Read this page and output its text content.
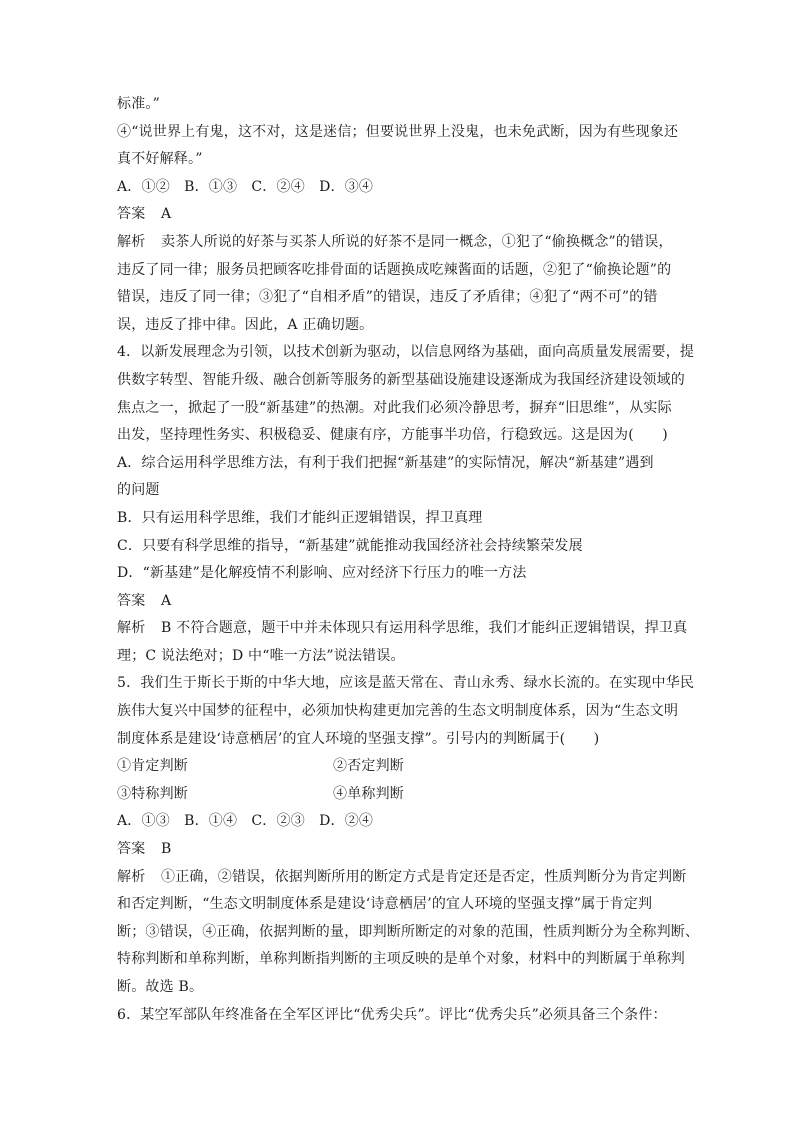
标准。”
④“说世界上有鬼，这不对，这是迷信；但要说世界上没鬼，也未免武断，因为有些现象还
真不好解释。”
A．①②　B．①③　C．②④　D．③④
答案 A
解析 卖茶人所说的好茶与买茶人所说的好茶不是同一概念，①犯了“偷换概念”的错误，
违反了同一律；服务员把顾客吃排骨面的话题换成吃辣酱面的话题，②犯了“偷换论题”的
错误，违反了同一律；③犯了“自相矛盾”的错误，违反了矛盾律；④犯了“两不可”的错
误，违反了排中律。因此，A 正确切题。
4．以新发展理念为引领，以技术创新为驱动，以信息网络为基础，面向高质量发展需要，提
供数字转型、智能升级、融合创新等服务的新型基础设施建设逐渐成为我国经济建设领域的
焦点之一，掀起了一股“新基建”的热潮。对此我们必须冷静思考，摒弃“旧思维”，从实际
出发，坚持理性务实、积极稳妥、健康有序，方能事半功倍，行稳致远。这是因为(　　)
A．综合运用科学思维方法，有利于我们把握“新基建”的实际情况，解决“新基建”遇到
的问题
B．只有运用科学思维，我们才能纠正逻辑错误，捍卫真理
C．只要有科学思维的指导，“新基建”就能推动我国经济社会持续繁荣发展
D．“新基建”是化解疫情不利影响、应对经济下行压力的唯一方法
答案 A
解析 B 不符合题意，题干中并未体现只有运用科学思维，我们才能纠正逻辑错误，捍卫真
理；C 说法绝对；D 中“唯一方法”说法错误。
5．我们生于斯长于斯的中华大地，应该是蓝天常在、青山永秀、绿水长流的。在实现中华民
族伟大复兴中国梦的征程中，必须加快构建更加完善的生态文明制度体系，因为“生态文明
制度体系是建设‘诗意栖居’的宜人环境的坚强支撑”。引号内的判断属于(　　)
①肯定判断	②否定判断
③特称判断	④单称判断
A．①③　B．①④　C．②③　D．②④
答案 B
解析 ①正确，②错误，依据判断所用的断定方式是肯定还是否定，性质判断分为肯定判断
和否定判断，“生态文明制度体系是建设‘诗意栖居’的宜人环境的坚强支撑”属于肯定判
断；③错误，④正确，依据判断的量，即判断所断定的对象的范围，性质判断分为全称判断、
特称判断和单称判断，单称判断指判断的主项反映的是单个对象，材料中的判断属于单称判
断。故选 B。
6．某空军部队年终准备在全军区评比“优秀尖兵”。评比“优秀尖兵”必须具备三个条件：
